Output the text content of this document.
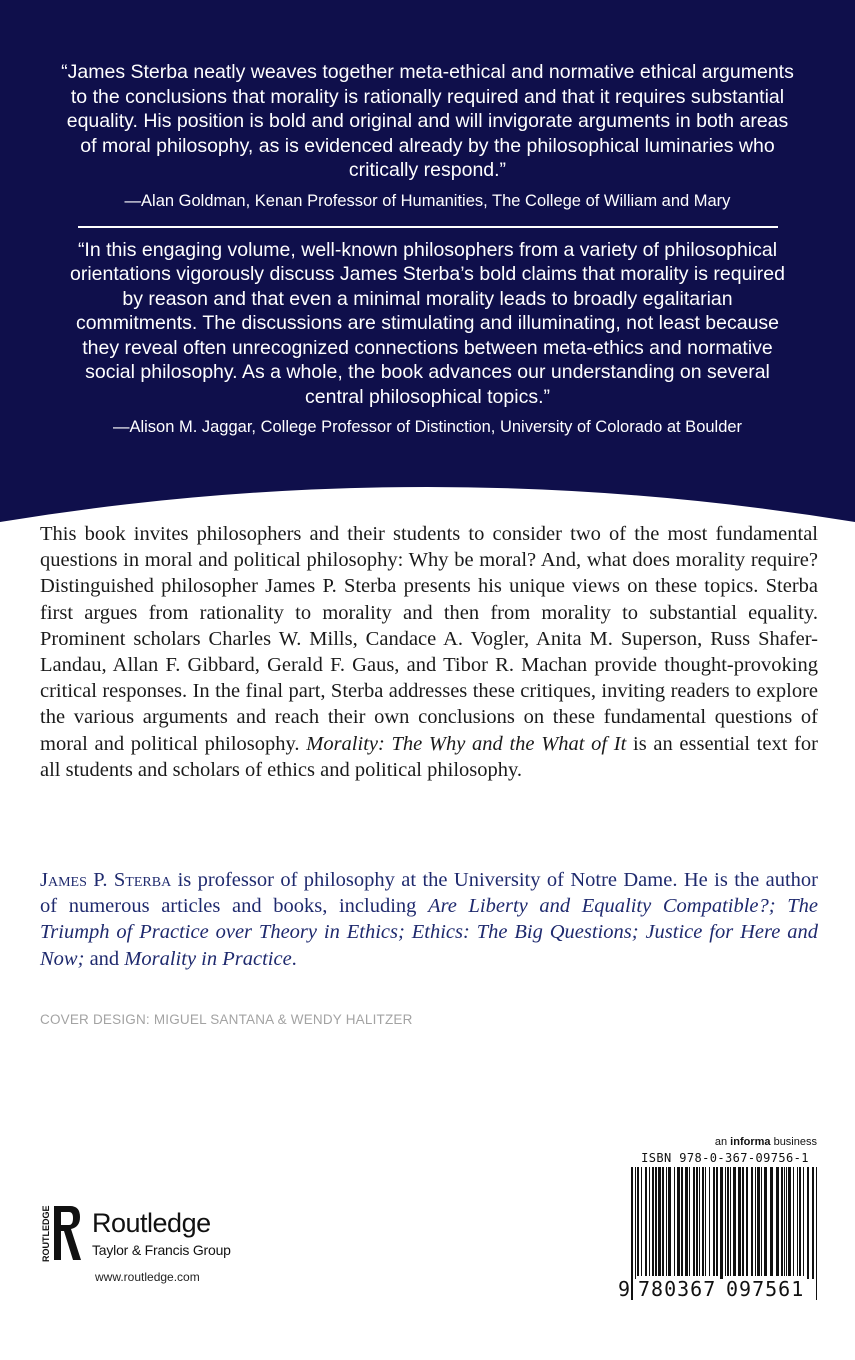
“James Sterba neatly weaves together meta-ethical and normative ethical arguments to the conclusions that morality is rationally required and that it requires substantial equality. His position is bold and original and will invigorate arguments in both areas of moral philosophy, as is evidenced already by the philosophical luminaries who critically respond.”

—Alan Goldman, Kenan Professor of Humanities, The College of William and Mary

“In this engaging volume, well-known philosophers from a variety of philosophical orientations vigorously discuss James Sterba’s bold claims that morality is required by reason and that even a minimal morality leads to broadly egalitarian commitments. The discussions are stimulating and illuminating, not least because they reveal often unrecognized connections between meta-ethics and normative social philosophy. As a whole, the book advances our understanding on several central philosophical topics.”

—Alison M. Jaggar, College Professor of Distinction, University of Colorado at Boulder

This book invites philosophers and their students to consider two of the most fundamental questions in moral and political philosophy: Why be moral? And, what does morality require? Distinguished philosopher James P. Sterba presents his unique views on these topics. Sterba first argues from rationality to morality and then from morality to substantial equality. Prominent scholars Charles W. Mills, Candace A. Vogler, Anita M. Superson, Russ Shafer-Landau, Allan F. Gibbard, Gerald F. Gaus, and Tibor R. Machan provide thought-provoking critical responses. In the final part, Sterba addresses these critiques, inviting readers to explore the various arguments and reach their own conclusions on these fundamental questions of moral and political philosophy. Morality: The Why and the What of It is an essential text for all students and scholars of ethics and political philosophy.

James P. Sterba is professor of philosophy at the University of Notre Dame. He is the author of numerous articles and books, including Are Liberty and Equality Compatible?; The Triumph of Practice over Theory in Ethics; Ethics: The Big Questions; Justice for Here and Now; and Morality in Practice.

COVER DESIGN: MIGUEL SANTANA & WENDY HALITZER
ROUTLEDGE Routledge
Taylor & Francis Group
www.routledge.com
an informa business
ISBN 978-0-367-09756-1
9 780367 097561
